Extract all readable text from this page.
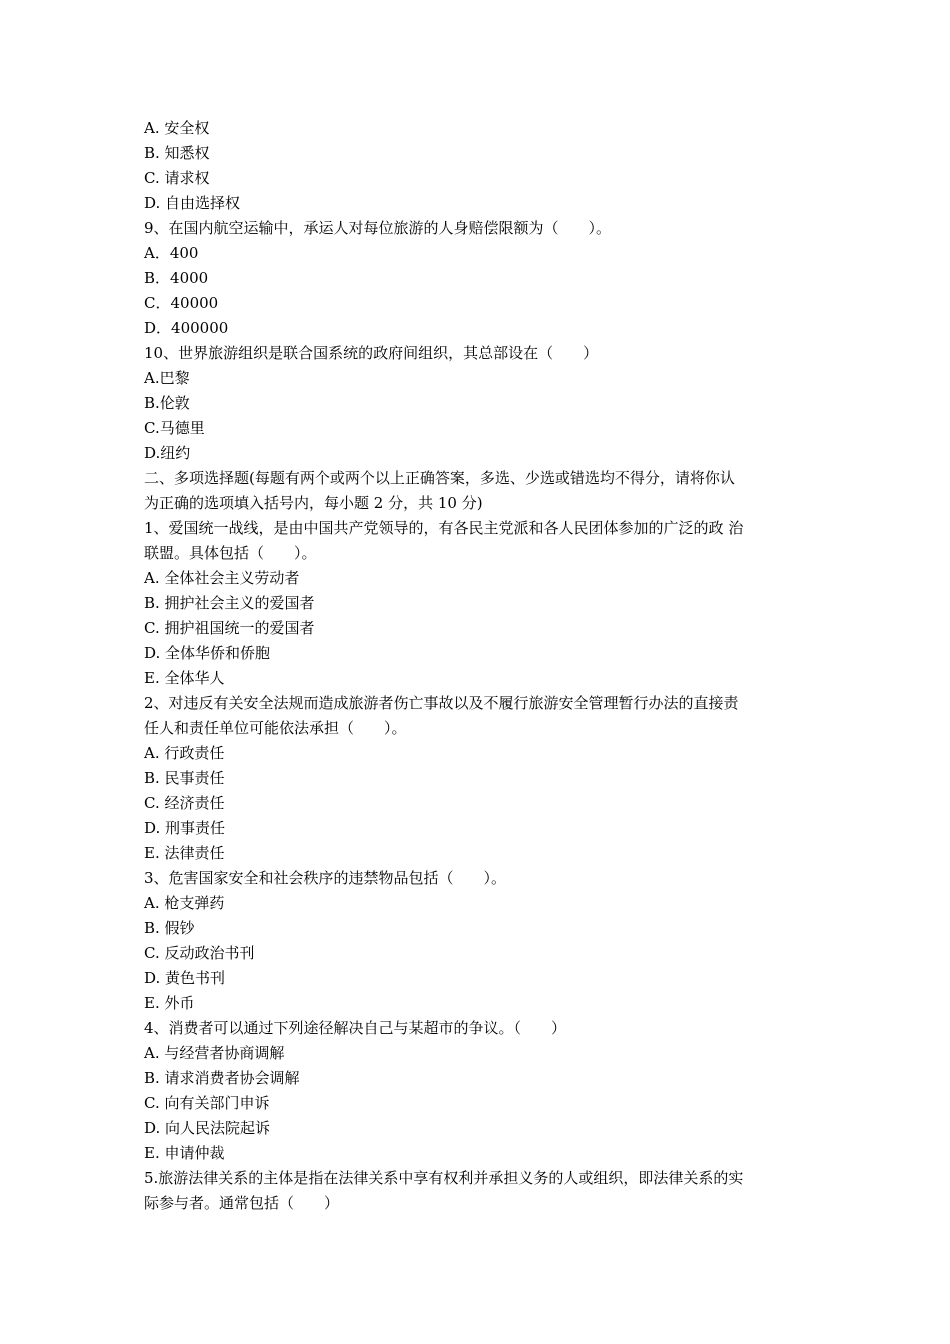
A. 安全权
B. 知悉权
C. 请求权
D. 自由选择权
9、在国内航空运输中，承运人对每位旅游的人身赔偿限额为（　　）。
A．400
B．4000
C．40000
D．400000
10、世界旅游组织是联合国系统的政府间组织，其总部设在（　　）
A.巴黎
B.伦敦
C.马德里
D.纽约
二、多项选择题(每题有两个或两个以上正确答案，多选、少选或错选均不得分，请将你认
为正确的选项填入括号内，每小题 2 分，共 10 分)
1、爱国统一战线，是由中国共产党领导的，有各民主党派和各人民团体参加的广泛的政 治
联盟。具体包括（　　）。
A. 全体社会主义劳动者
B. 拥护社会主义的爱国者
C. 拥护祖国统一的爱国者
D. 全体华侨和侨胞
E. 全体华人
2、对违反有关安全法规而造成旅游者伤亡事故以及不履行旅游安全管理暂行办法的直接责
任人和责任单位可能依法承担（　　）。
A. 行政责任
B. 民事责任
C. 经济责任
D. 刑事责任
E. 法律责任
3、危害国家安全和社会秩序的违禁物品包括（　　）。
A. 枪支弹药
B. 假钞
C. 反动政治书刊
D. 黄色书刊
E. 外币
4、消费者可以通过下列途径解决自己与某超市的争议。（　　）
A. 与经营者协商调解
B. 请求消费者协会调解
C. 向有关部门申诉
D. 向人民法院起诉
E. 申请仲裁
5.旅游法律关系的主体是指在法律关系中享有权利并承担义务的人或组织，即法律关系的实
际参与者。通常包括（　　）
